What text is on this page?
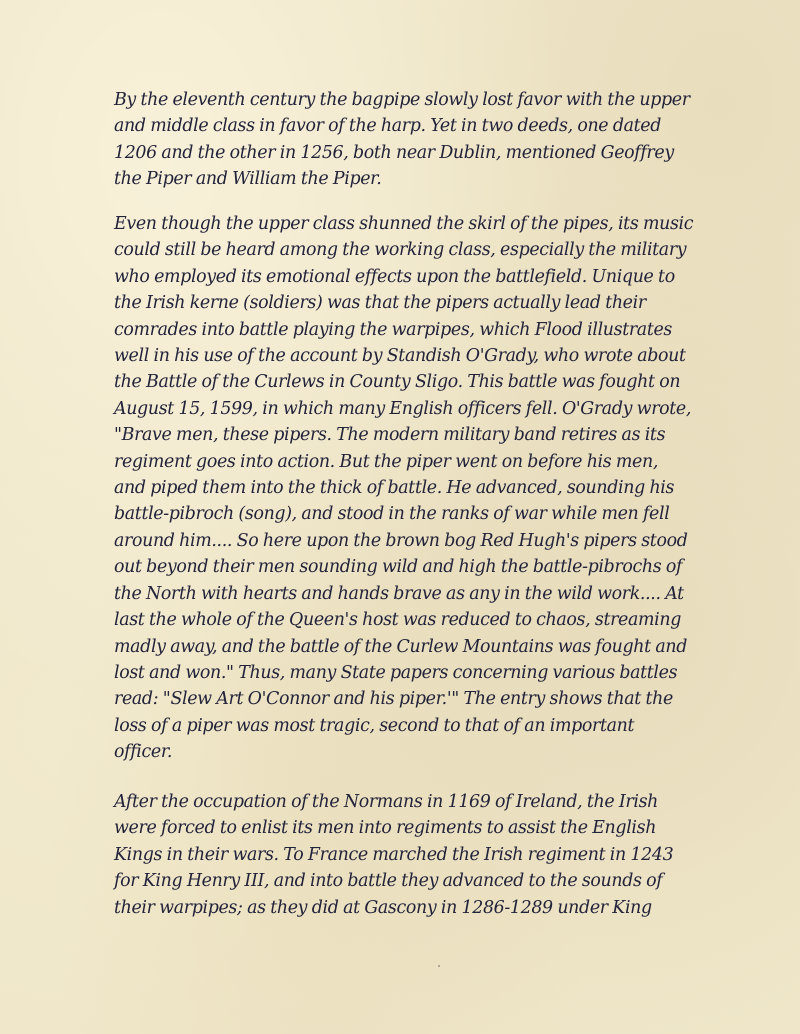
By the eleventh century the bagpipe slowly lost favor with the upper and middle class in favor of the harp. Yet in two deeds, one dated 1206 and the other in 1256, both near Dublin, mentioned Geoffrey the Piper and William the Piper.

Even though the upper class shunned the skirl of the pipes, its music could still be heard among the working class, especially the military who employed its emotional effects upon the battlefield. Unique to the Irish kerne (soldiers) was that the pipers actually lead their comrades into battle playing the warpipes, which Flood illustrates well in his use of the account by Standish O'Grady, who wrote about the Battle of the Curlews in County Sligo. This battle was fought on August 15, 1599, in which many English officers fell. O'Grady wrote, "Brave men, these pipers. The modern military band retires as its regiment goes into action. But the piper went on before his men, and piped them into the thick of battle. He advanced, sounding his battle-pibroch (song), and stood in the ranks of war while men fell around him.... So here upon the brown bog Red Hugh's pipers stood out beyond their men sounding wild and high the battle-pibrochs of the North with hearts and hands brave as any in the wild work.... At last the whole of the Queen's host was reduced to chaos, streaming madly away, and the battle of the Curlew Mountains was fought and lost and won." Thus, many State papers concerning various battles read: "Slew Art O'Connor and his piper.'" The entry shows that the loss of a piper was most tragic, second to that of an important officer.

After the occupation of the Normans in 1169 of Ireland, the Irish were forced to enlist its men into regiments to assist the English Kings in their wars. To France marched the Irish regiment in 1243 for King Henry III, and into battle they advanced to the sounds of their warpipes; as they did at Gascony in 1286-1289 under King
